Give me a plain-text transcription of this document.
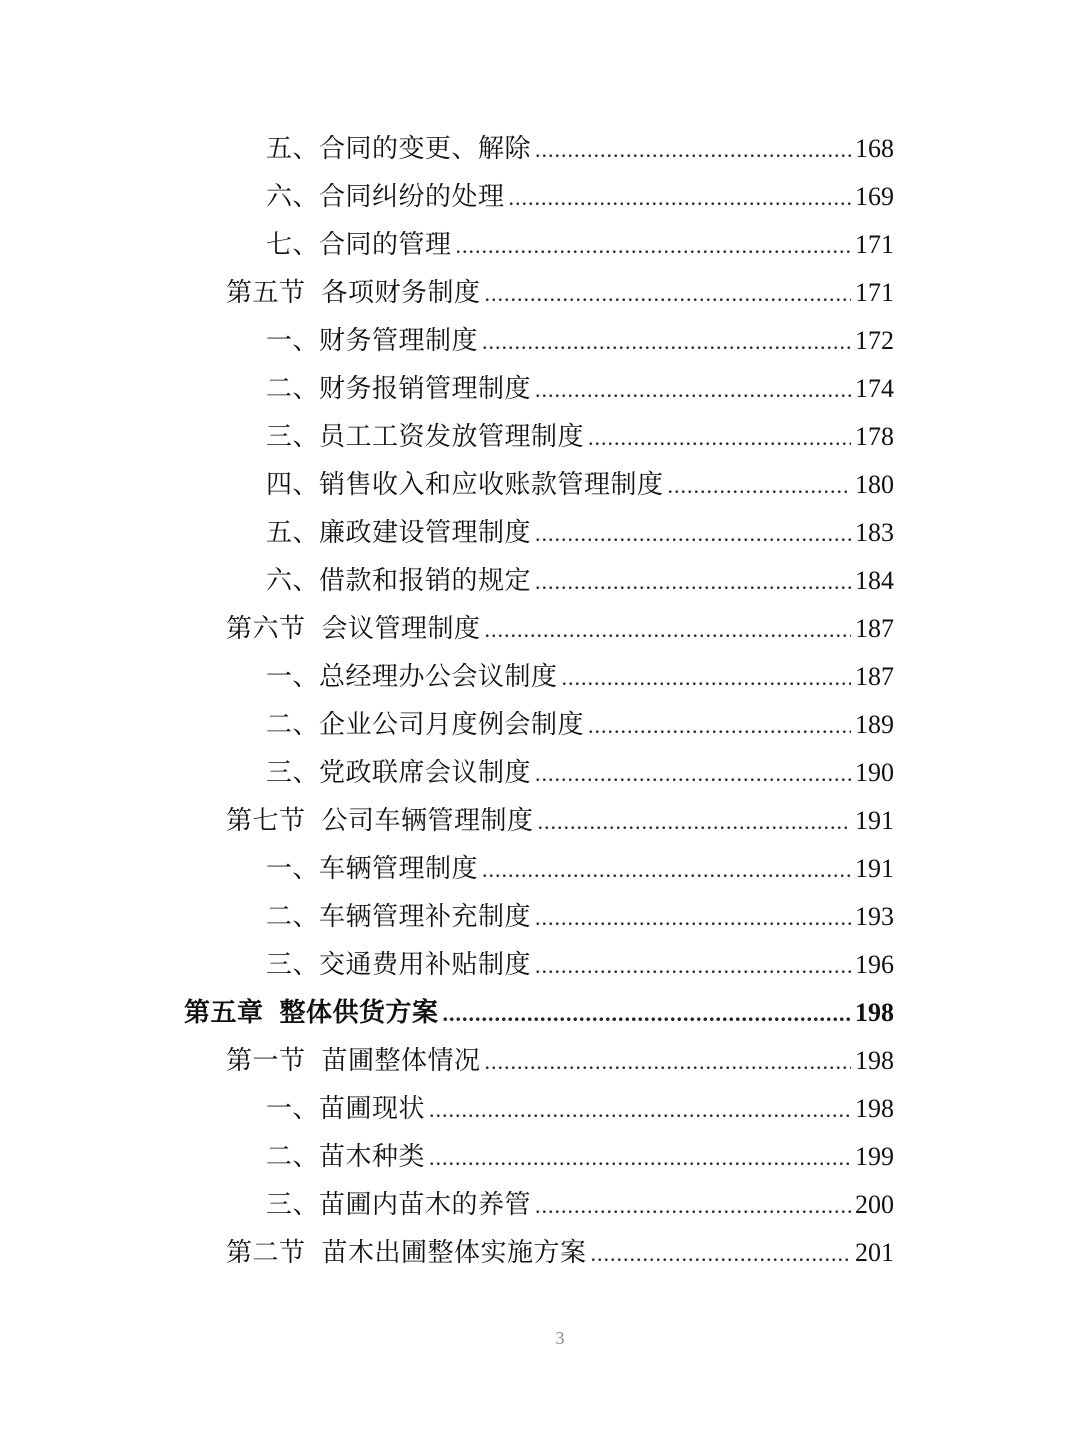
五、合同的变更、解除 .....	168
六、合同纠纷的处理 .....	169
七、合同的管理 .....	171
第五节 各项财务制度 .....	171
一、财务管理制度 .....	172
二、财务报销管理制度 .....	174
三、员工工资发放管理制度 .....	178
四、销售收入和应收账款管理制度 .....	180
五、廉政建设管理制度 .....	183
六、借款和报销的规定 .....	184
第六节 会议管理制度 .....	187
一、总经理办公会议制度 .....	187
二、企业公司月度例会制度 .....	189
三、党政联席会议制度 .....	190
第七节 公司车辆管理制度 .....	191
一、车辆管理制度 .....	191
二、车辆管理补充制度 .....	193
三、交通费用补贴制度 .....	196
第五章 整体供货方案 .....	198
第一节 苗圃整体情况 .....	198
一、苗圃现状 .....	198
二、苗木种类 .....	199
三、苗圃内苗木的养管 .....	200
第二节 苗木出圃整体实施方案 .....	201
3
